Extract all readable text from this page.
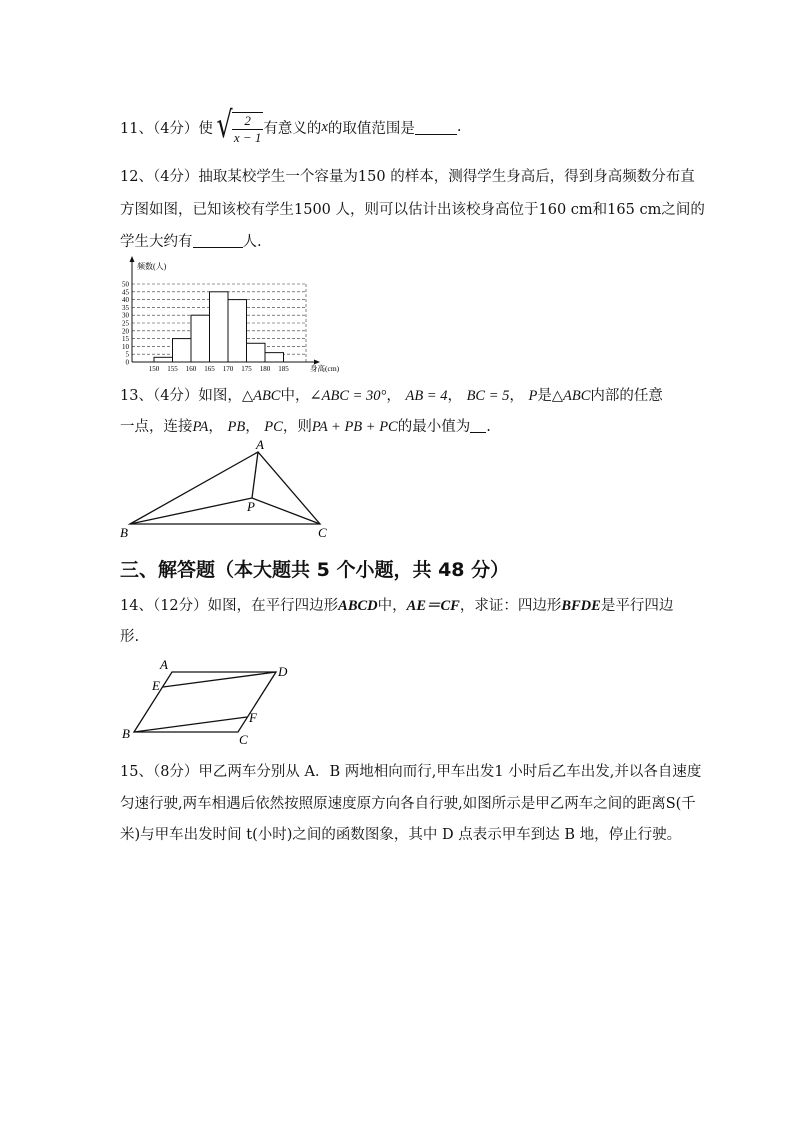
11、（4分）使 √ $\frac{2}{x - 1}$ 有意义的 x 的取值范围是	.
12、（4分）抽取某校学生一个容量为150 的样本，测得学生身高后，得到身高频数分布直
方图如图，已知该校有学生1500 人，则可以估计出该校身高位于160 cm和165 cm之间的
学生大约有	人.
0
5
10
15
20
25
30
35
40
45
50
150 155 160 165 170 175 180 185
频数(人)
身高(cm)
13、（4分）如图，△ABC中，∠ABC = 30°， AB = 4， BC = 5， P是△ABC内部的任意
一点，连接PA， PB， PC，则PA + PB + PC的最小值为 .
A
B	C
P
三、解答题（本大题共 5 个小题，共 48 分）
14、（12分）如图，在平行四边形ABCD中，AE＝CF，求证：四边形BFDE是平行四边
形.
A	D
E
F
B	C
15、（8分）甲乙两车分别从 A．B 两地相向而行,甲车出发1 小时后乙车出发,并以各自速度
匀速行驶,两车相遇后依然按照原速度原方向各自行驶,如图所示是甲乙两车之间的距离S(千
米)与甲车出发时间 t(小时)之间的函数图象，其中 D 点表示甲车到达 B 地，停止行驶。
